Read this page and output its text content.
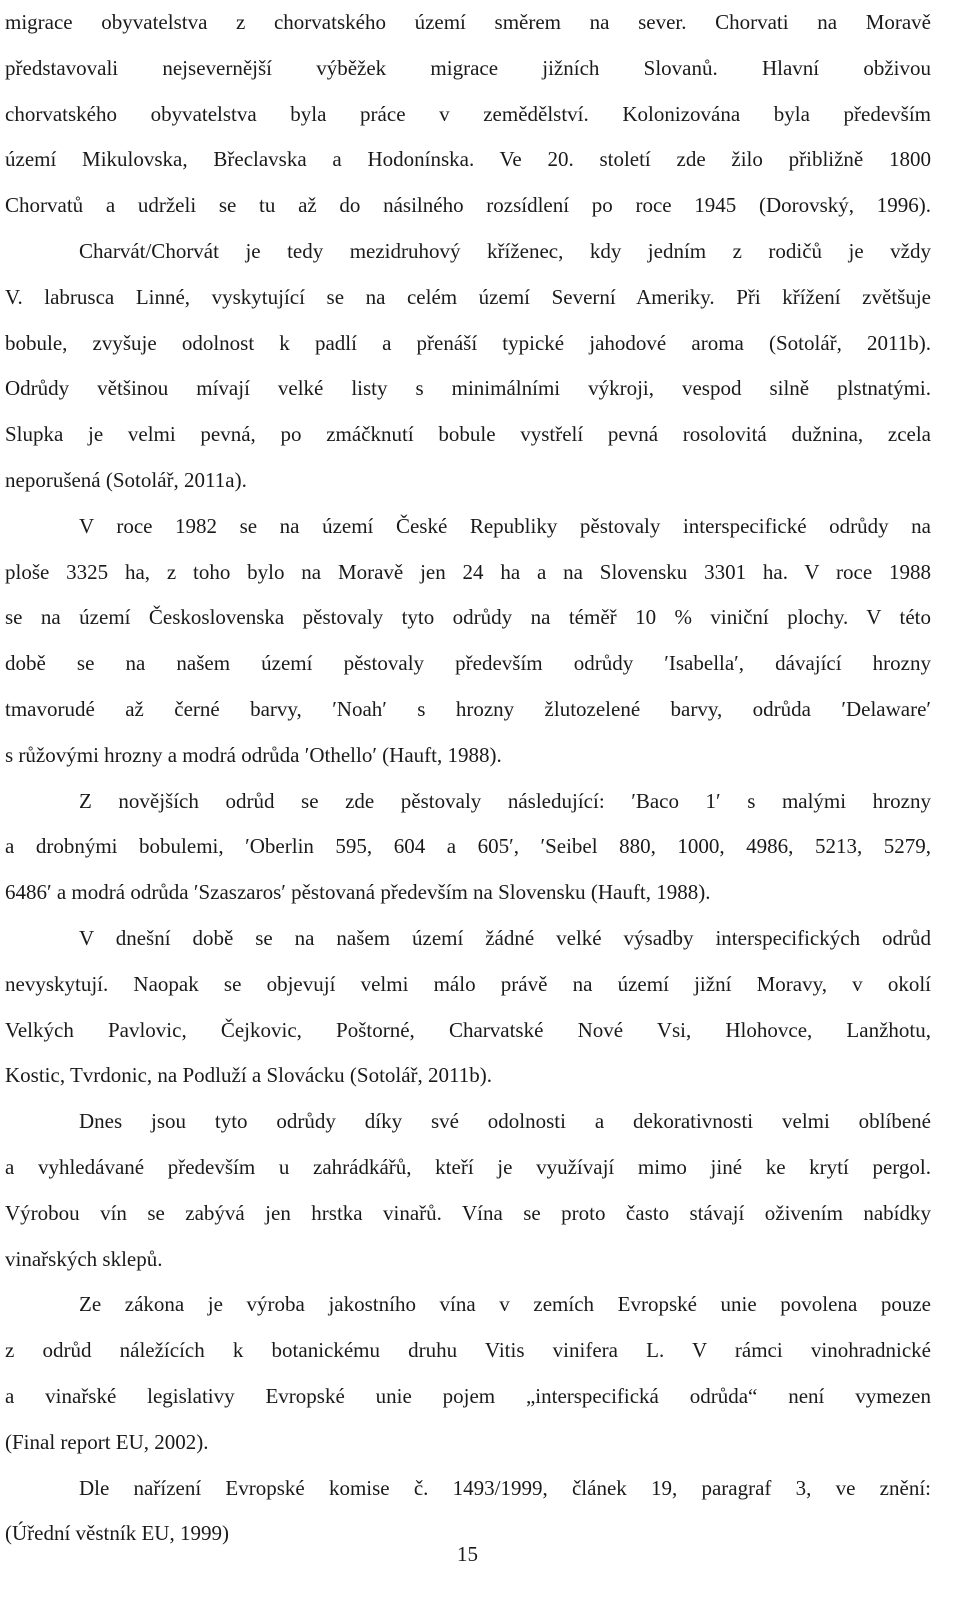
migrace obyvatelstva z chorvatského území směrem na sever. Chorvati na Moravě
představovali nejsevernější výběžek migrace jižních Slovanů. Hlavní obživou
chorvatského obyvatelstva byla práce v zemědělství. Kolonizována byla především
území Mikulovska, Břeclavska a Hodonínska. Ve 20. století zde žilo přibližně 1800
Chorvatů a udrželi se tu až do násilného rozsídlení po roce 1945 (Dorovský, 1996).
Charvát/Chorvát je tedy mezidruhový kříženec, kdy jedním z rodičů je vždy
V. labrusca Linné, vyskytující se na celém území Severní Ameriky. Při křížení zvětšuje
bobule, zvyšuje odolnost k padlí a přenáší typické jahodové aroma (Sotolář, 2011b).
Odrůdy většinou mívají velké listy s minimálními výkroji, vespod silně plstnatými.
Slupka je velmi pevná, po zmáčknutí bobule vystřelí pevná rosolovitá dužnina, zcela
neporušená (Sotolář, 2011a).
V roce 1982 se na území České Republiky pěstovaly interspecifické odrůdy na
ploše 3325 ha, z toho bylo na Moravě jen 24 ha a na Slovensku 3301 ha. V roce 1988
se na území Československa pěstovaly tyto odrůdy na téměř 10 % viniční plochy. V této
době se na našem území pěstovaly především odrůdy ′Isabella′, dávající hrozny
tmavorudé až černé barvy, ′Noah′ s hrozny žlutozelené barvy, odrůda ′Delaware′
s růžovými hrozny a modrá odrůda ′Othello′ (Hauft, 1988).
Z novějších odrůd se zde pěstovaly následující: ′Baco 1′ s malými hrozny
a drobnými bobulemi, ′Oberlin 595, 604 a 605′, ′Seibel 880, 1000, 4986, 5213, 5279,
6486′ a modrá odrůda ′Szaszaros′ pěstovaná především na Slovensku (Hauft, 1988).
V dnešní době se na našem území žádné velké výsadby interspecifických odrůd
nevyskytují. Naopak se objevují velmi málo právě na území jižní Moravy, v okolí
Velkých Pavlovic, Čejkovic, Poštorné, Charvatské Nové Vsi, Hlohovce, Lanžhotu,
Kostic, Tvrdonic, na Podluží a Slovácku (Sotolář, 2011b).
Dnes jsou tyto odrůdy díky své odolnosti a dekorativnosti velmi oblíbené
a vyhledávané především u zahrádkářů, kteří je využívají mimo jiné ke krytí pergol.
Výrobou vín se zabývá jen hrstka vinařů. Vína se proto často stávají oživením nabídky
vinařských sklepů.
Ze zákona je výroba jakostního vína v zemích Evropské unie povolena pouze
z odrůd náležících k botanickému druhu Vitis vinifera L. V rámci vinohradnické
a vinařské legislativy Evropské unie pojem „interspecifická odrůda“ není vymezen
(Final report EU, 2002).
Dle nařízení Evropské komise č. 1493/1999, článek 19, paragraf 3, ve znění:
(Úřední věstník EU, 1999)
15
